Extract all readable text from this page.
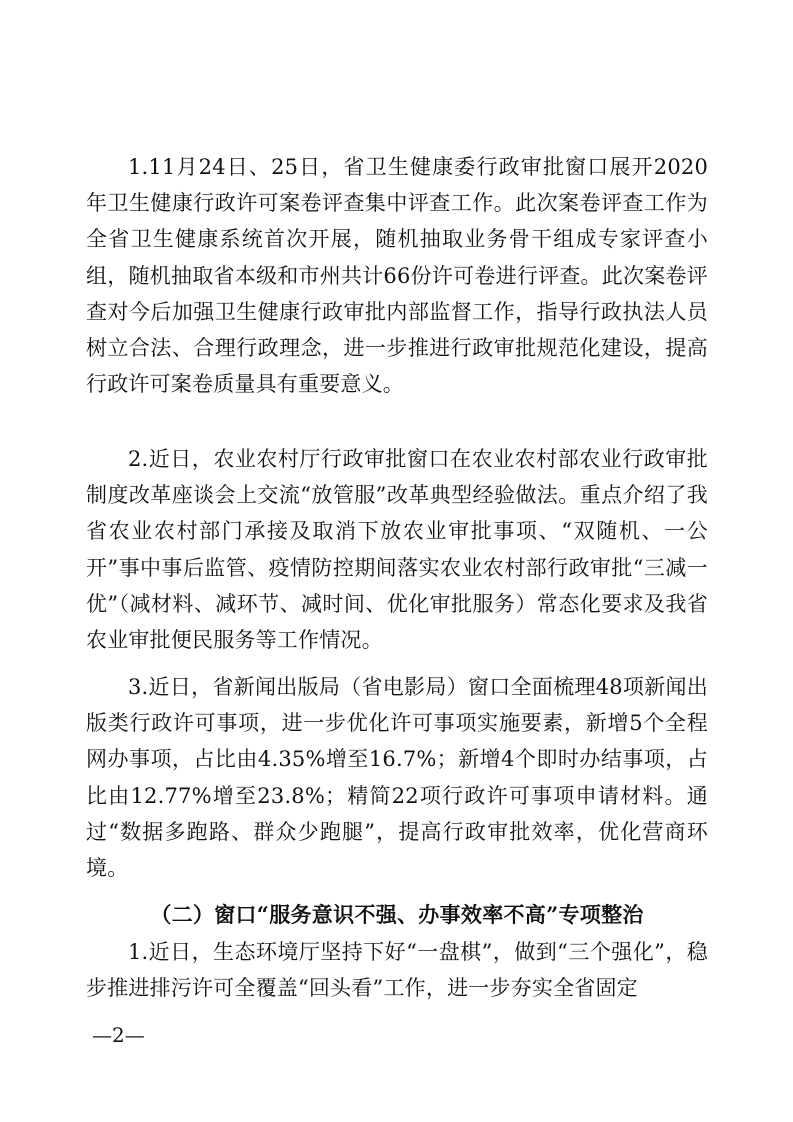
1.11月24日、25日，省卫生健康委行政审批窗口展开2020年卫生健康行政许可案卷评查集中评查工作。此次案卷评查工作为全省卫生健康系统首次开展，随机抽取业务骨干组成专家评查小组，随机抽取省本级和市州共计66份许可卷进行评查。此次案卷评查对今后加强卫生健康行政审批内部监督工作，指导行政执法人员树立合法、合理行政理念，进一步推进行政审批规范化建设，提高行政许可案卷质量具有重要意义。

2.近日，农业农村厅行政审批窗口在农业农村部农业行政审批制度改革座谈会上交流“放管服”改革典型经验做法。重点介绍了我省农业农村部门承接及取消下放农业审批事项、“双随机、一公开”事中事后监管、疫情防控期间落实农业农村部行政审批“三减一优”（减材料、减环节、减时间、优化审批服务）常态化要求及我省农业审批便民服务等工作情况。

3.近日，省新闻出版局（省电影局）窗口全面梳理48项新闻出版类行政许可事项，进一步优化许可事项实施要素，新增5个全程网办事项，占比由4.35%增至16.7%；新增4个即时办结事项，占比由12.77%增至23.8%；精简22项行政许可事项申请材料。通过“数据多跑路、群众少跑腿”，提高行政审批效率，优化营商环境。

（二）窗口“服务意识不强、办事效率不高”专项整治

1.近日，生态环境厅坚持下好“一盘棋”，做到“三个强化”，稳步推进排污许可全覆盖“回头看”工作，进一步夯实全省固定

—2—
